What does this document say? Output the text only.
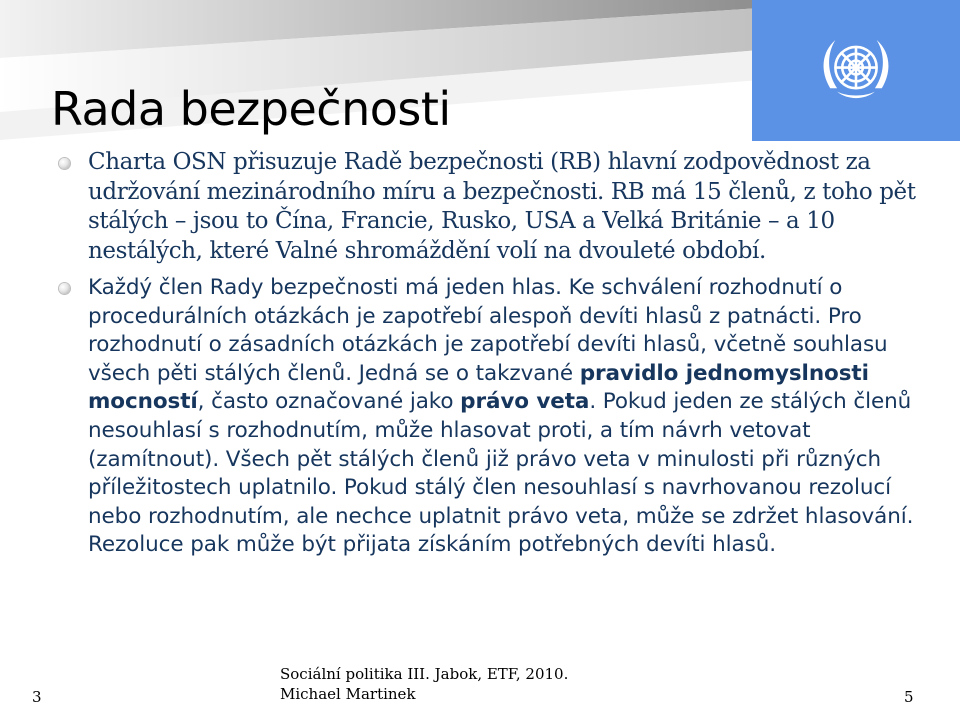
Rada bezpečnosti
Charta OSN přisuzuje Radě bezpečnosti (RB) hlavní zodpovědnost za udržování mezinárodního míru a bezpečnosti. RB má 15 členů, z toho pět stálých – jsou to Čína, Francie, Rusko, USA a Velká Británie – a 10 nestálých, které Valné shromáždění volí na dvouleté období.
Každý člen Rady bezpečnosti má jeden hlas. Ke schválení rozhodnutí o procedurálních otázkách je zapotřebí alespoň devíti hlasů z patnácti. Pro rozhodnutí o zásadních otázkách je zapotřebí devíti hlasů, včetně souhlasu všech pěti stálých členů. Jedná se o takzvané pravidlo jednomyslnosti mocností, často označované jako právo veta. Pokud jeden ze stálých členů nesouhlasí s rozhodnutím, může hlasovat proti, a tím návrh vetovat (zamítnout). Všech pět stálých členů již právo veta v minulosti při různých příležitostech uplatnilo. Pokud stálý člen nesouhlasí s navrhovanou rezolucí nebo rozhodnutím, ale nechce uplatnit právo veta, může se zdržet hlasování. Rezoluce pak může být přijata získáním potřebných devíti hlasů.
3
Sociální politika III. Jabok, ETF, 2010.
Michael Martinek	5
